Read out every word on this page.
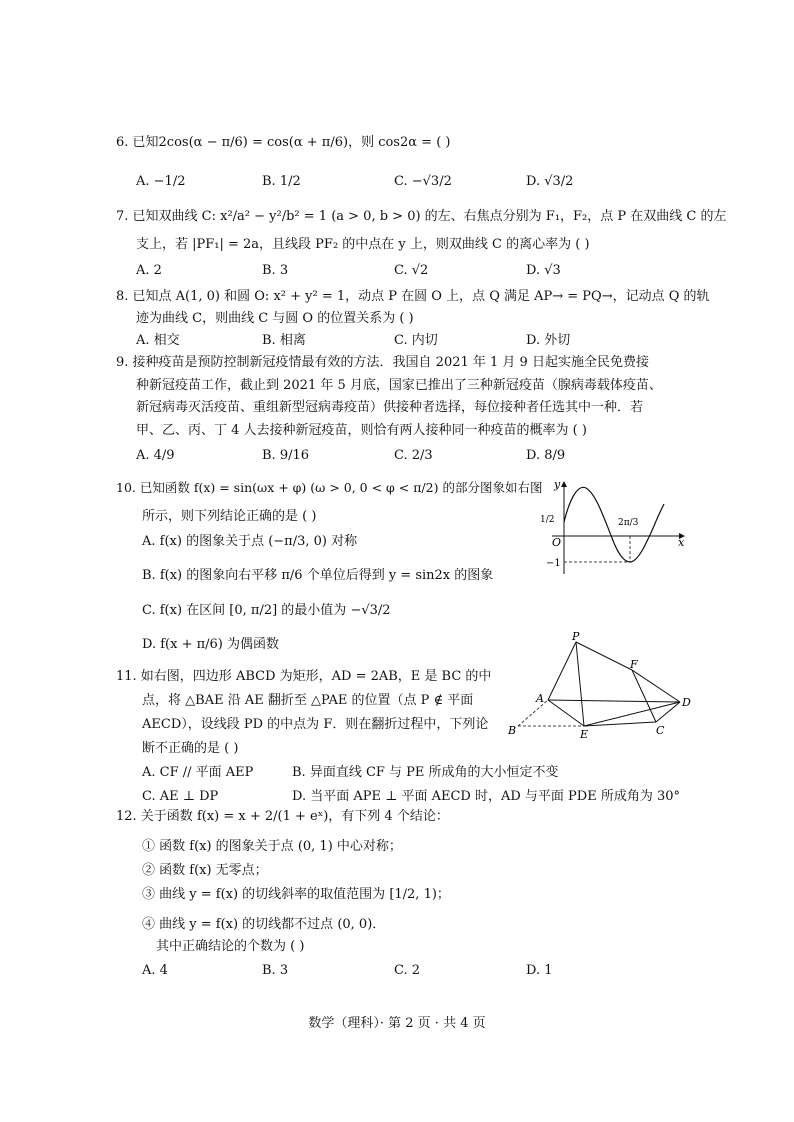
6. 已知2cos(α − π/6) = cos(α + π/6)，则 cos2α = ( )
A. −1/2	B. 1/2	C. −√3/2	D. √3/2
7. 已知双曲线 C: x²/a² − y²/b² = 1 (a > 0, b > 0) 的左、右焦点分别为 F₁，F₂，点 P 在双曲线 C 的左
支上，若 |PF₁| = 2a，且线段 PF₂ 的中点在 y 上，则双曲线 C 的离心率为 ( )
A. 2	B. 3	C. √2	D. √3
8. 已知点 A(1, 0) 和圆 O: x² + y² = 1，动点 P 在圆 O 上，点 Q 满足 AP→ = PQ→，记动点 Q 的轨
迹为曲线 C，则曲线 C 与圆 O 的位置关系为 ( )
A. 相交	B. 相离	C. 内切	D. 外切
9. 接种疫苗是预防控制新冠疫情最有效的方法．我国自 2021 年 1 月 9 日起实施全民免费接
种新冠疫苗工作，截止到 2021 年 5 月底，国家已推出了三种新冠疫苗（腺病毒载体疫苗、
新冠病毒灭活疫苗、重组新型冠病毒疫苗）供接种者选择，每位接种者任选其中一种．若
甲、乙、丙、丁 4 人去接种新冠疫苗，则恰有两人接种同一种疫苗的概率为 ( )
A. 4/9	B. 9/16	C. 2/3	D. 8/9
10. 已知函数 f(x) = sin(ωx + φ) (ω > 0, 0 < φ < π/2) 的部分图象如右图
所示，则下列结论正确的是 ( )
A. f(x) 的图象关于点 (−π/3, 0) 对称
B. f(x) 的图象向右平移 π/6 个单位后得到 y = sin2x 的图象
C. f(x) 在区间 [0, π/2] 的最小值为 −√3/2
D. f(x + π/6) 为偶函数
y
x
O
1/2
−1
2π/3
11. 如右图，四边形 ABCD 为矩形，AD = 2AB，E 是 BC 的中
点，将 △BAE 沿 AE 翻折至 △PAE 的位置（点 P ∉ 平面
AECD），设线段 PD 的中点为 F．则在翻折过程中，下列论
断不正确的是 ( )
A. CF // 平面 AEP	B. 异面直线 CF 与 PE 所成角的大小恒定不变
C. AE ⊥ DP	D. 当平面 APE ⊥ 平面 AECD 时，AD 与平面 PDE 所成角为 30°
P
A
B	E	C
D
F
12. 关于函数 f(x) = x + 2/(1 + eˣ)，有下列 4 个结论：
① 函数 f(x) 的图象关于点 (0, 1) 中心对称；
② 函数 f(x) 无零点；
③ 曲线 y = f(x) 的切线斜率的取值范围为 [1/2, 1)；
④ 曲线 y = f(x) 的切线都不过点 (0, 0)．
其中正确结论的个数为 ( )
A. 4	B. 3	C. 2	D. 1
数学（理科）· 第 2 页 · 共 4 页
